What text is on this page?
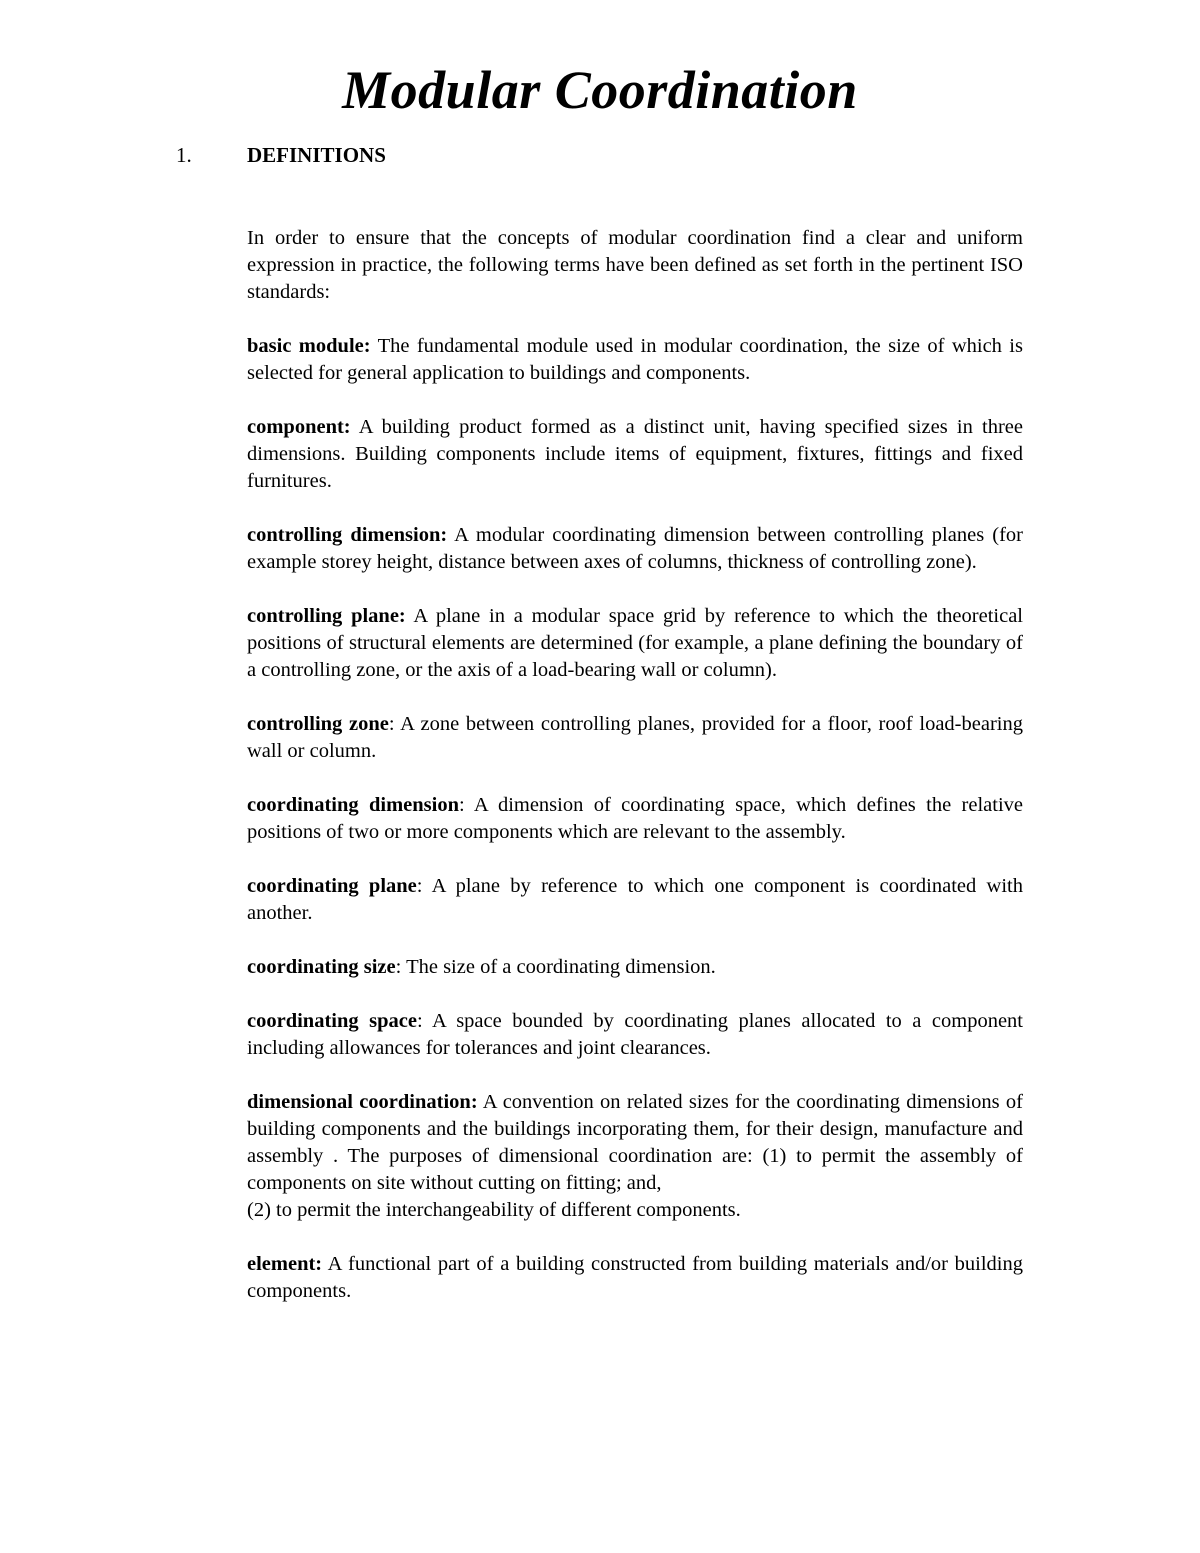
Modular Coordination
1.	DEFINITIONS

In order to ensure that the concepts of modular coordination find a clear and uniform expression in practice, the following terms have been defined as set forth in the pertinent ISO standards:

basic module: The fundamental module used in modular coordination, the size of which is selected for general application to buildings and components.

component: A building product formed as a distinct unit, having specified sizes in three dimensions. Building components include items of equipment, fixtures, fittings and fixed furnitures.

controlling dimension: A modular coordinating dimension between controlling planes (for example storey height, distance between axes of columns, thickness of controlling zone).

controlling plane: A plane in a modular space grid by reference to which the theoretical positions of structural elements are determined (for example, a plane defining the boundary of a controlling zone, or the axis of a load-bearing wall or column).

controlling zone: A zone between controlling planes, provided for a floor, roof load-bearing wall or column.

coordinating dimension: A dimension of coordinating space, which defines the relative positions of two or more components which are relevant to the assembly.

coordinating plane: A plane by reference to which one component is coordinated with another.

coordinating size: The size of a coordinating dimension.

coordinating space: A space bounded by coordinating planes allocated to a component including allowances for tolerances and joint clearances.

dimensional coordination: A convention on related sizes for the coordinating dimensions of building components and the buildings incorporating them, for their design, manufacture and assembly . The purposes of dimensional coordination are: (1) to permit the assembly of components on site without cutting on fitting; and,

(2) to permit the interchangeability of different components.

element: A functional part of a building constructed from building materials and/or building components.
